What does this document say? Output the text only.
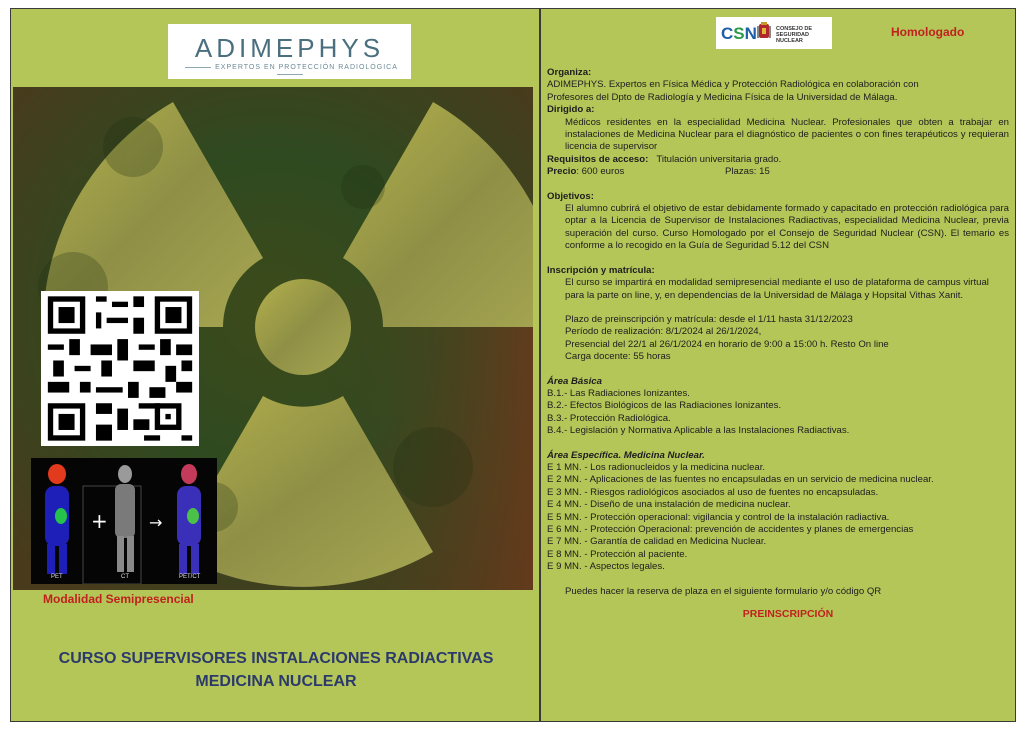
ADIMEPHYS
EXPERTOS EN PROTECCIÓN RADIOLÓGICA
+	→
PET	CT	PET/CT
Modalidad Semipresencial
CURSO SUPERVISORES INSTALACIONES RADIACTIVAS
MEDICINA NUCLEAR
CSN	CONSEJO DE
SEGURIDAD NUCLEAR
Homologado
Organiza:
ADIMEPHYS. Expertos en Física Médica y Protección Radiológica en colaboración con
Profesores del Dpto de Radiología y Medicina Física de la Universidad de Málaga.
Dirigido a:
Médicos residentes en la especialidad Medicina Nuclear. Profesionales que obten a trabajar en instalaciones de Medicina Nuclear para el diagnóstico de pacientes o con fines terapéuticos y requieran licencia de supervisor
Requisitos de acceso: Titulación universitaria grado.
Precio: 600 euros	Plazas: 15
Objetivos:
El alumno cubrirá el objetivo de estar debidamente formado y capacitado en protección radiológica para optar a la Licencia de Supervisor de Instalaciones Radiactivas, especialidad Medicina Nuclear, previa superación del curso. Curso Homologado por el Consejo de Seguridad Nuclear (CSN). El temario es conforme a lo recogido en la Guía de Seguridad 5.12 del CSN
Inscripción y matrícula:
El curso se impartirá en modalidad semipresencial mediante el uso de plataforma de campus virtual para la parte on line, y, en dependencias de la Universidad de Málaga y Hopsital Vithas Xanit.
Plazo de preinscripción y matrícula: desde el 1/11 hasta 31/12/2023
Período de realización: 8/1/2024 al 26/1/2024,
Presencial del 22/1 al 26/1/2024 en horario de 9:00 a 15:00 h. Resto On line
Carga docente: 55 horas
Área Básica
B.1.- Las Radiaciones Ionizantes.
B.2.- Efectos Biológicos de las Radiaciones Ionizantes.
B.3.- Protección Radiológica.
B.4.- Legislación y Normativa Aplicable a las Instalaciones Radiactivas.
Área Específica. Medicina Nuclear.
E 1 MN. - Los radionucleidos y la medicina nuclear.
E 2 MN. - Aplicaciones de las fuentes no encapsuladas en un servicio de medicina nuclear.
E 3 MN. - Riesgos radiológicos asociados al uso de fuentes no encapsuladas.
E 4 MN. - Diseño de una instalación de medicina nuclear.
E 5 MN. - Protección operacional: vigilancia y control de la instalación radiactiva.
E 6 MN. - Protección Operacional: prevención de accidentes y planes de emergencias
E 7 MN. - Garantía de calidad en Medicina Nuclear.
E 8 MN. - Protección al paciente.
E 9 MN. - Aspectos legales.
Puedes hacer la reserva de plaza en el siguiente formulario y/o código QR
PREINSCRIPCIÓN
